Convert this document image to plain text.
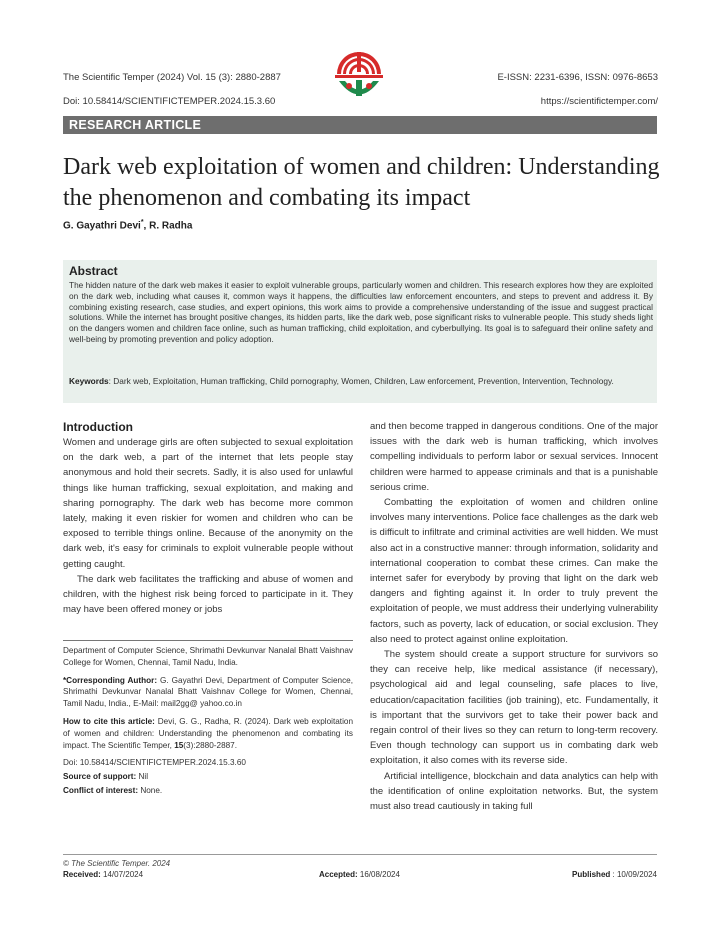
The Scientific Temper (2024) Vol. 15 (3): 2880-2887
Doi: 10.58414/SCIENTIFICTEMPER.2024.15.3.60
E-ISSN: 2231-6396, ISSN: 0976-8653
https://scientifictemper.com/
RESEARCH ARTICLE
Dark web exploitation of women and children: Understanding the phenomenon and combating its impact
G. Gayathri Devi*, R. Radha
Abstract
The hidden nature of the dark web makes it easier to exploit vulnerable groups, particularly women and children. This research explores how they are exploited on the dark web, including what causes it, common ways it happens, the difficulties law enforcement encounters, and steps to prevent and address it. By combining existing research, case studies, and expert opinions, this work aims to provide a comprehensive understanding of the issue and suggest practical solutions. While the internet has brought positive changes, its hidden parts, like the dark web, pose significant risks to vulnerable people. This study sheds light on the dangers women and children face online, such as human trafficking, child exploitation, and cyberbullying. Its goal is to safeguard their online safety and well-being by promoting prevention and policy adoption.
Keywords: Dark web, Exploitation, Human trafficking, Child pornography, Women, Children, Law enforcement, Prevention, Intervention, Technology.
Introduction

Women and underage girls are often subjected to sexual exploitation on the dark web, a part of the internet that lets people stay anonymous and hold their secrets. Sadly, it is also used for unlawful things like human trafficking, sexual exploitation, and making and sharing pornography. The dark web has become more common lately, making it even riskier for women and children who can be exposed to terrible things online. Because of the anonymity on the dark web, it's easy for criminals to exploit vulnerable people without getting caught.

The dark web facilitates the trafficking and abuse of women and children, with the highest risk being forced to participate in it. They may have been offered money or jobs

Department of Computer Science, Shrimathi Devkunvar Nanalal Bhatt Vaishnav College for Women, Chennai, Tamil Nadu, India.

*Corresponding Author: G. Gayathri Devi, Department of Computer Science, Shrimathi Devkunvar Nanalal Bhatt Vaishnav College for Women, Chennai, Tamil Nadu, India., E-Mail: mail2gg@ yahoo.co.in

How to cite this article: Devi, G. G., Radha, R. (2024). Dark web exploitation of women and children: Understanding the phenomenon and combating its impact. The Scientific Temper, 15(3):2880-2887.

Doi: 10.58414/SCIENTIFICTEMPER.2024.15.3.60

Source of support: Nil

Conflict of interest: None.

and then become trapped in dangerous conditions. One of the major issues with the dark web is human trafficking, which involves compelling individuals to perform labor or sexual services. Innocent children were harmed to appease criminals and that is a punishable serious crime.

Combatting the exploitation of women and children online involves many interventions. Police face challenges as the dark web is difficult to infiltrate and criminal activities are well hidden. We must also act in a constructive manner: through information, solidarity and international cooperation to combat these crimes. Can make the internet safer for everybody by proving that light on the dark web dangers and fighting against it. In order to truly prevent the exploitation of people, we must address their underlying vulnerability factors, such as poverty, lack of education, or social exclusion. They also need to protect against online exploitation.

The system should create a support structure for survivors so they can receive help, like medical assistance (if necessary), psychological aid and legal counseling, safe places to live, education/capacitation facilities (job training), etc. Fundamentally, it is important that the survivors get to take their power back and regain control of their lives so they can return to long-term recovery. Even though technology can support us in combating dark web exploitation, it also comes with its reverse side.

Artificial intelligence, blockchain and data analytics can help with the identification of online exploitation networks. But, the system must also tread cautiously in taking full

© The Scientific Temper. 2024
Received: 14/07/2024	Accepted: 16/08/2024	Published : 10/09/2024
